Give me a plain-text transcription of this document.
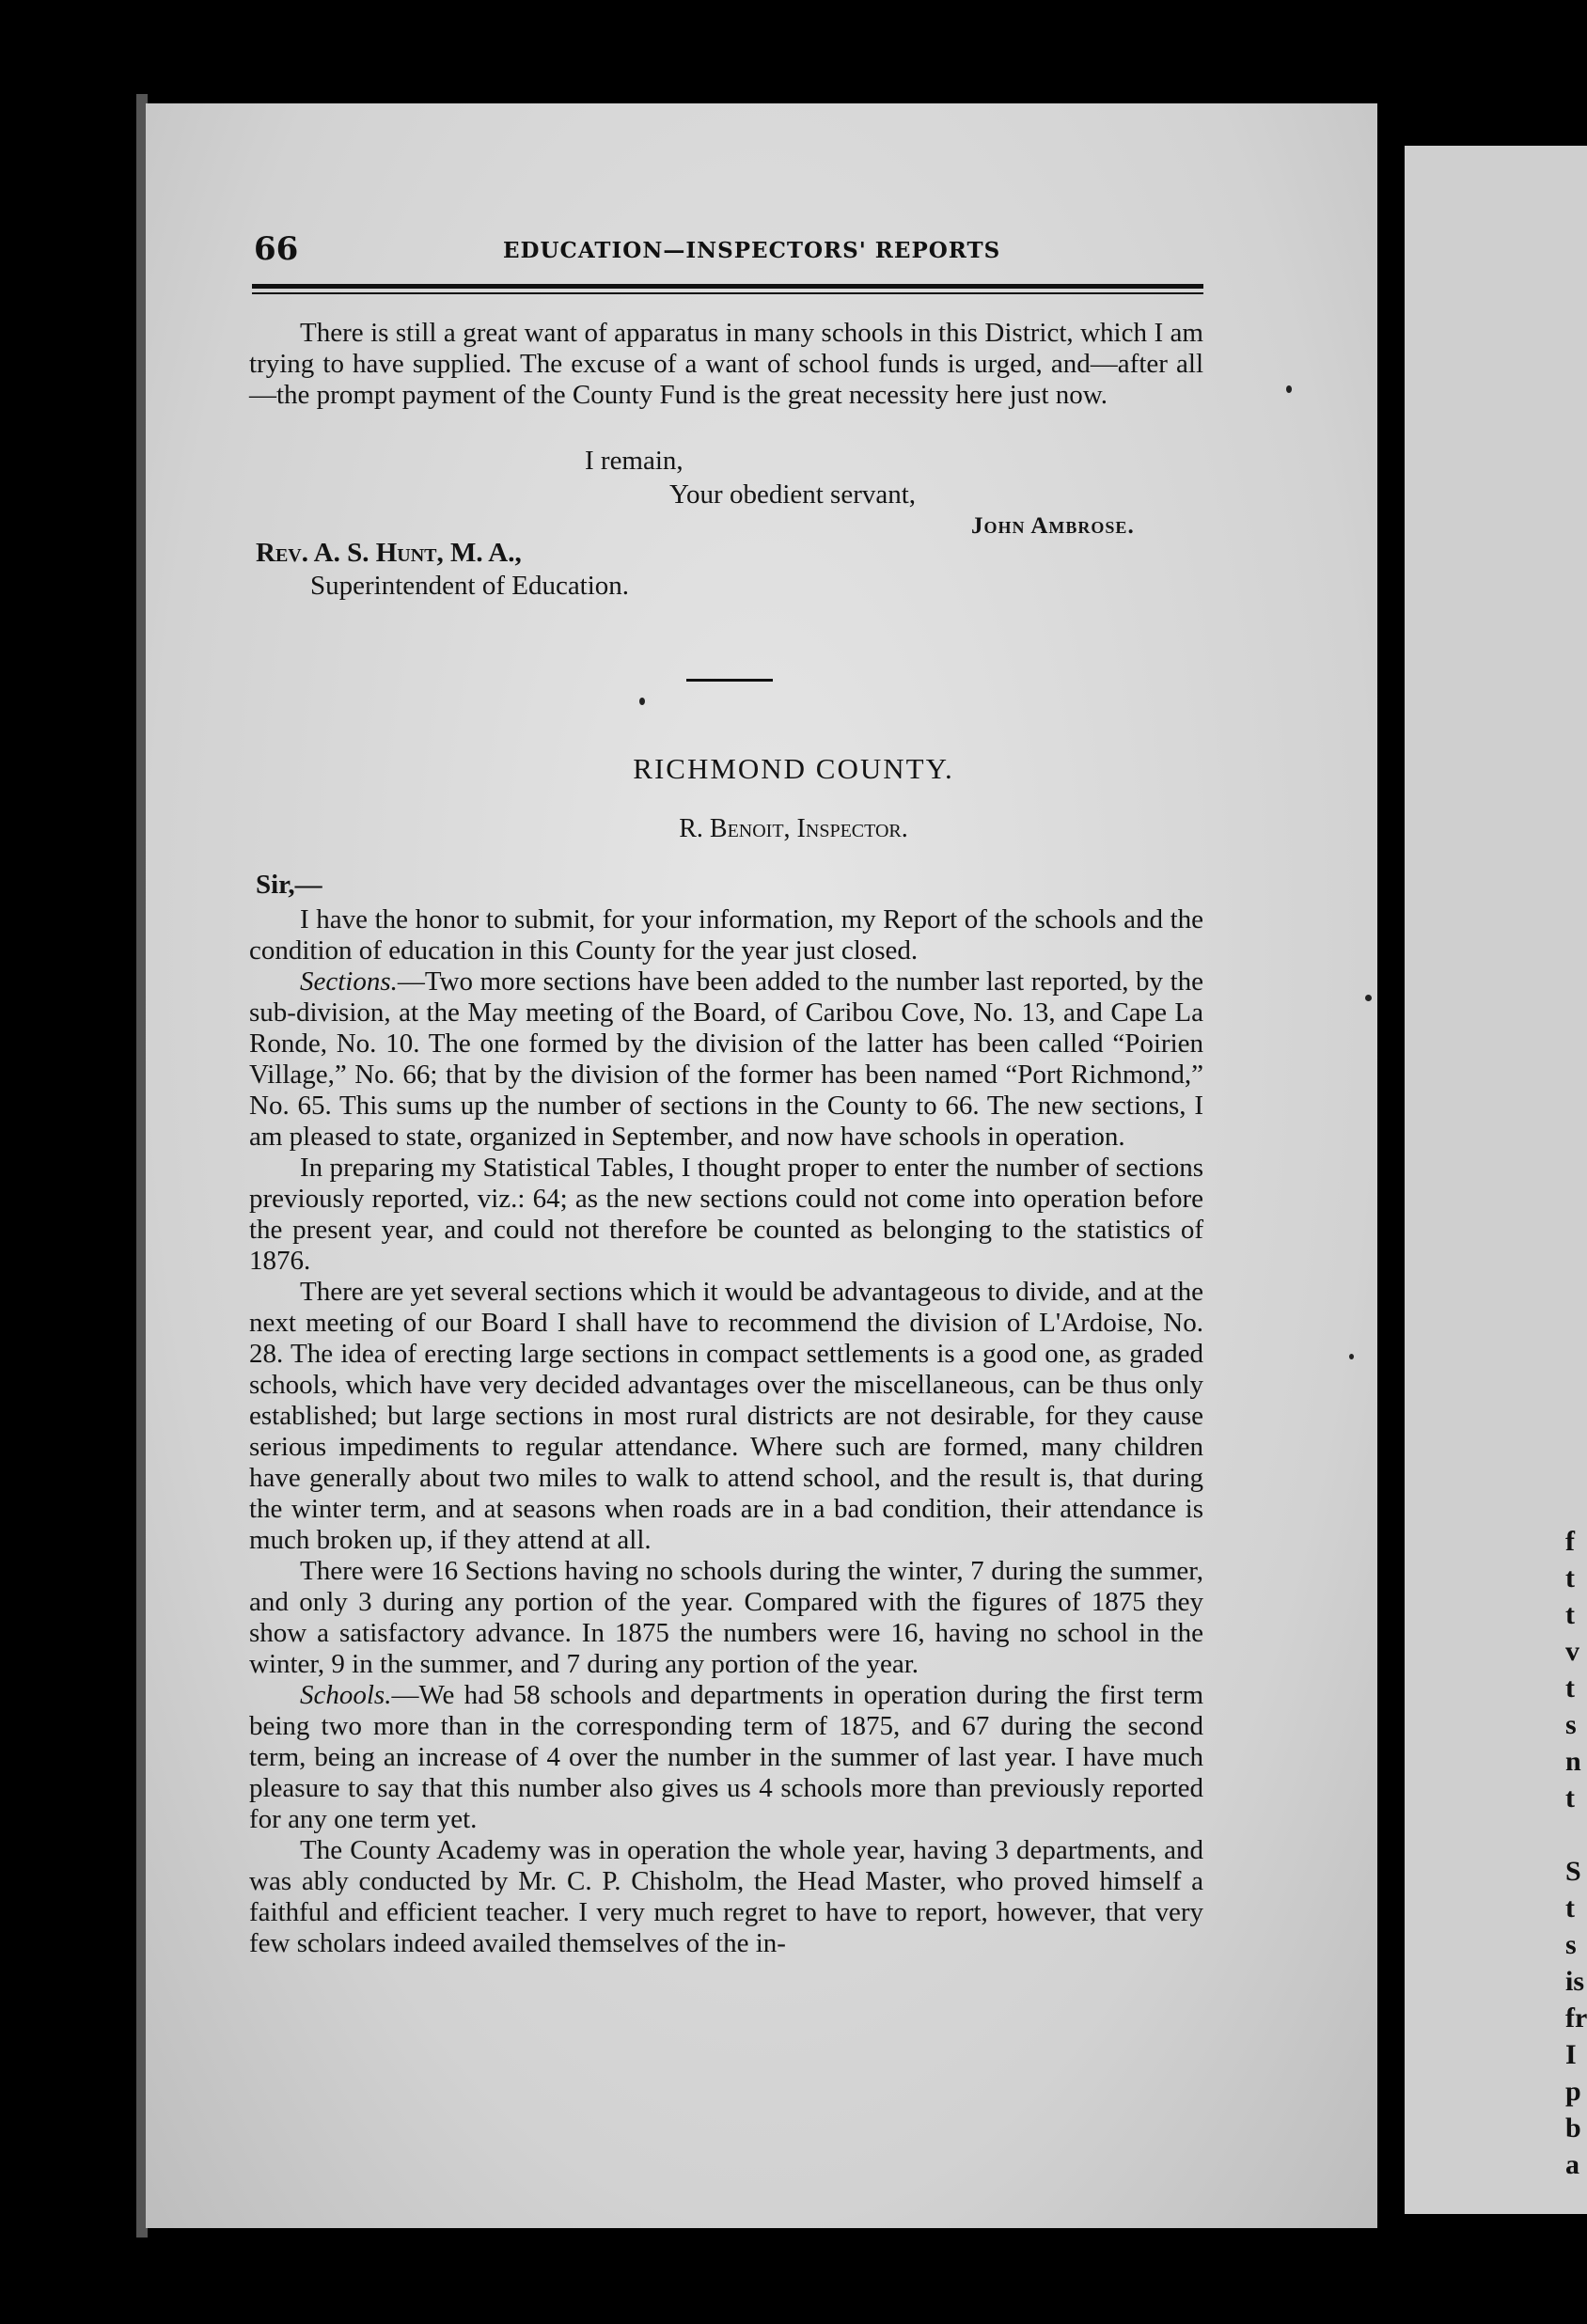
f
t
t
v
t
s
n
t

S
t
s
is
fr
I
p
b
a
66	EDUCATION—INSPECTORS' REPORTS

There is still a great want of apparatus in many schools in this District, which I am trying to have supplied. The excuse of a want of school funds is urged, and—after all—the prompt payment of the County Fund is the great necessity here just now.

I remain,
Your obedient servant,
John Ambrose.
Rev. A. S. Hunt, M. A.,
Superintendent of Education.
RICHMOND COUNTY.
R. Benoit, Inspector.
Sir,—

I have the honor to submit, for your information, my Report of the schools and the condition of education in this County for the year just closed.

Sections.—Two more sections have been added to the number last reported, by the sub-division, at the May meeting of the Board, of Caribou Cove, No. 13, and Cape La Ronde, No. 10. The one formed by the division of the latter has been called “Poirien Village,” No. 66; that by the division of the former has been named “Port Richmond,” No. 65. This sums up the number of sections in the County to 66. The new sections, I am pleased to state, organized in September, and now have schools in operation.

In preparing my Statistical Tables, I thought proper to enter the number of sections previously reported, viz.: 64; as the new sections could not come into operation before the present year, and could not therefore be counted as belonging to the statistics of 1876.

There are yet several sections which it would be advantageous to divide, and at the next meeting of our Board I shall have to recommend the division of L'Ardoise, No. 28. The idea of erecting large sections in compact settlements is a good one, as graded schools, which have very decided advantages over the miscellaneous, can be thus only established; but large sections in most rural districts are not desirable, for they cause serious impediments to regular attendance. Where such are formed, many children have generally about two miles to walk to attend school, and the result is, that during the winter term, and at seasons when roads are in a bad condition, their attendance is much broken up, if they attend at all.

There were 16 Sections having no schools during the winter, 7 during the summer, and only 3 during any portion of the year. Compared with the figures of 1875 they show a satisfactory advance. In 1875 the numbers were 16, having no school in the winter, 9 in the summer, and 7 during any portion of the year.

Schools.—We had 58 schools and departments in operation during the first term being two more than in the corresponding term of 1875, and 67 during the second term, being an increase of 4 over the number in the summer of last year. I have much pleasure to say that this number also gives us 4 schools more than previously reported for any one term yet.

The County Academy was in operation the whole year, having 3 departments, and was ably conducted by Mr. C. P. Chisholm, the Head Master, who proved himself a faithful and efficient teacher. I very much regret to have to report, however, that very few scholars indeed availed themselves of the in-
